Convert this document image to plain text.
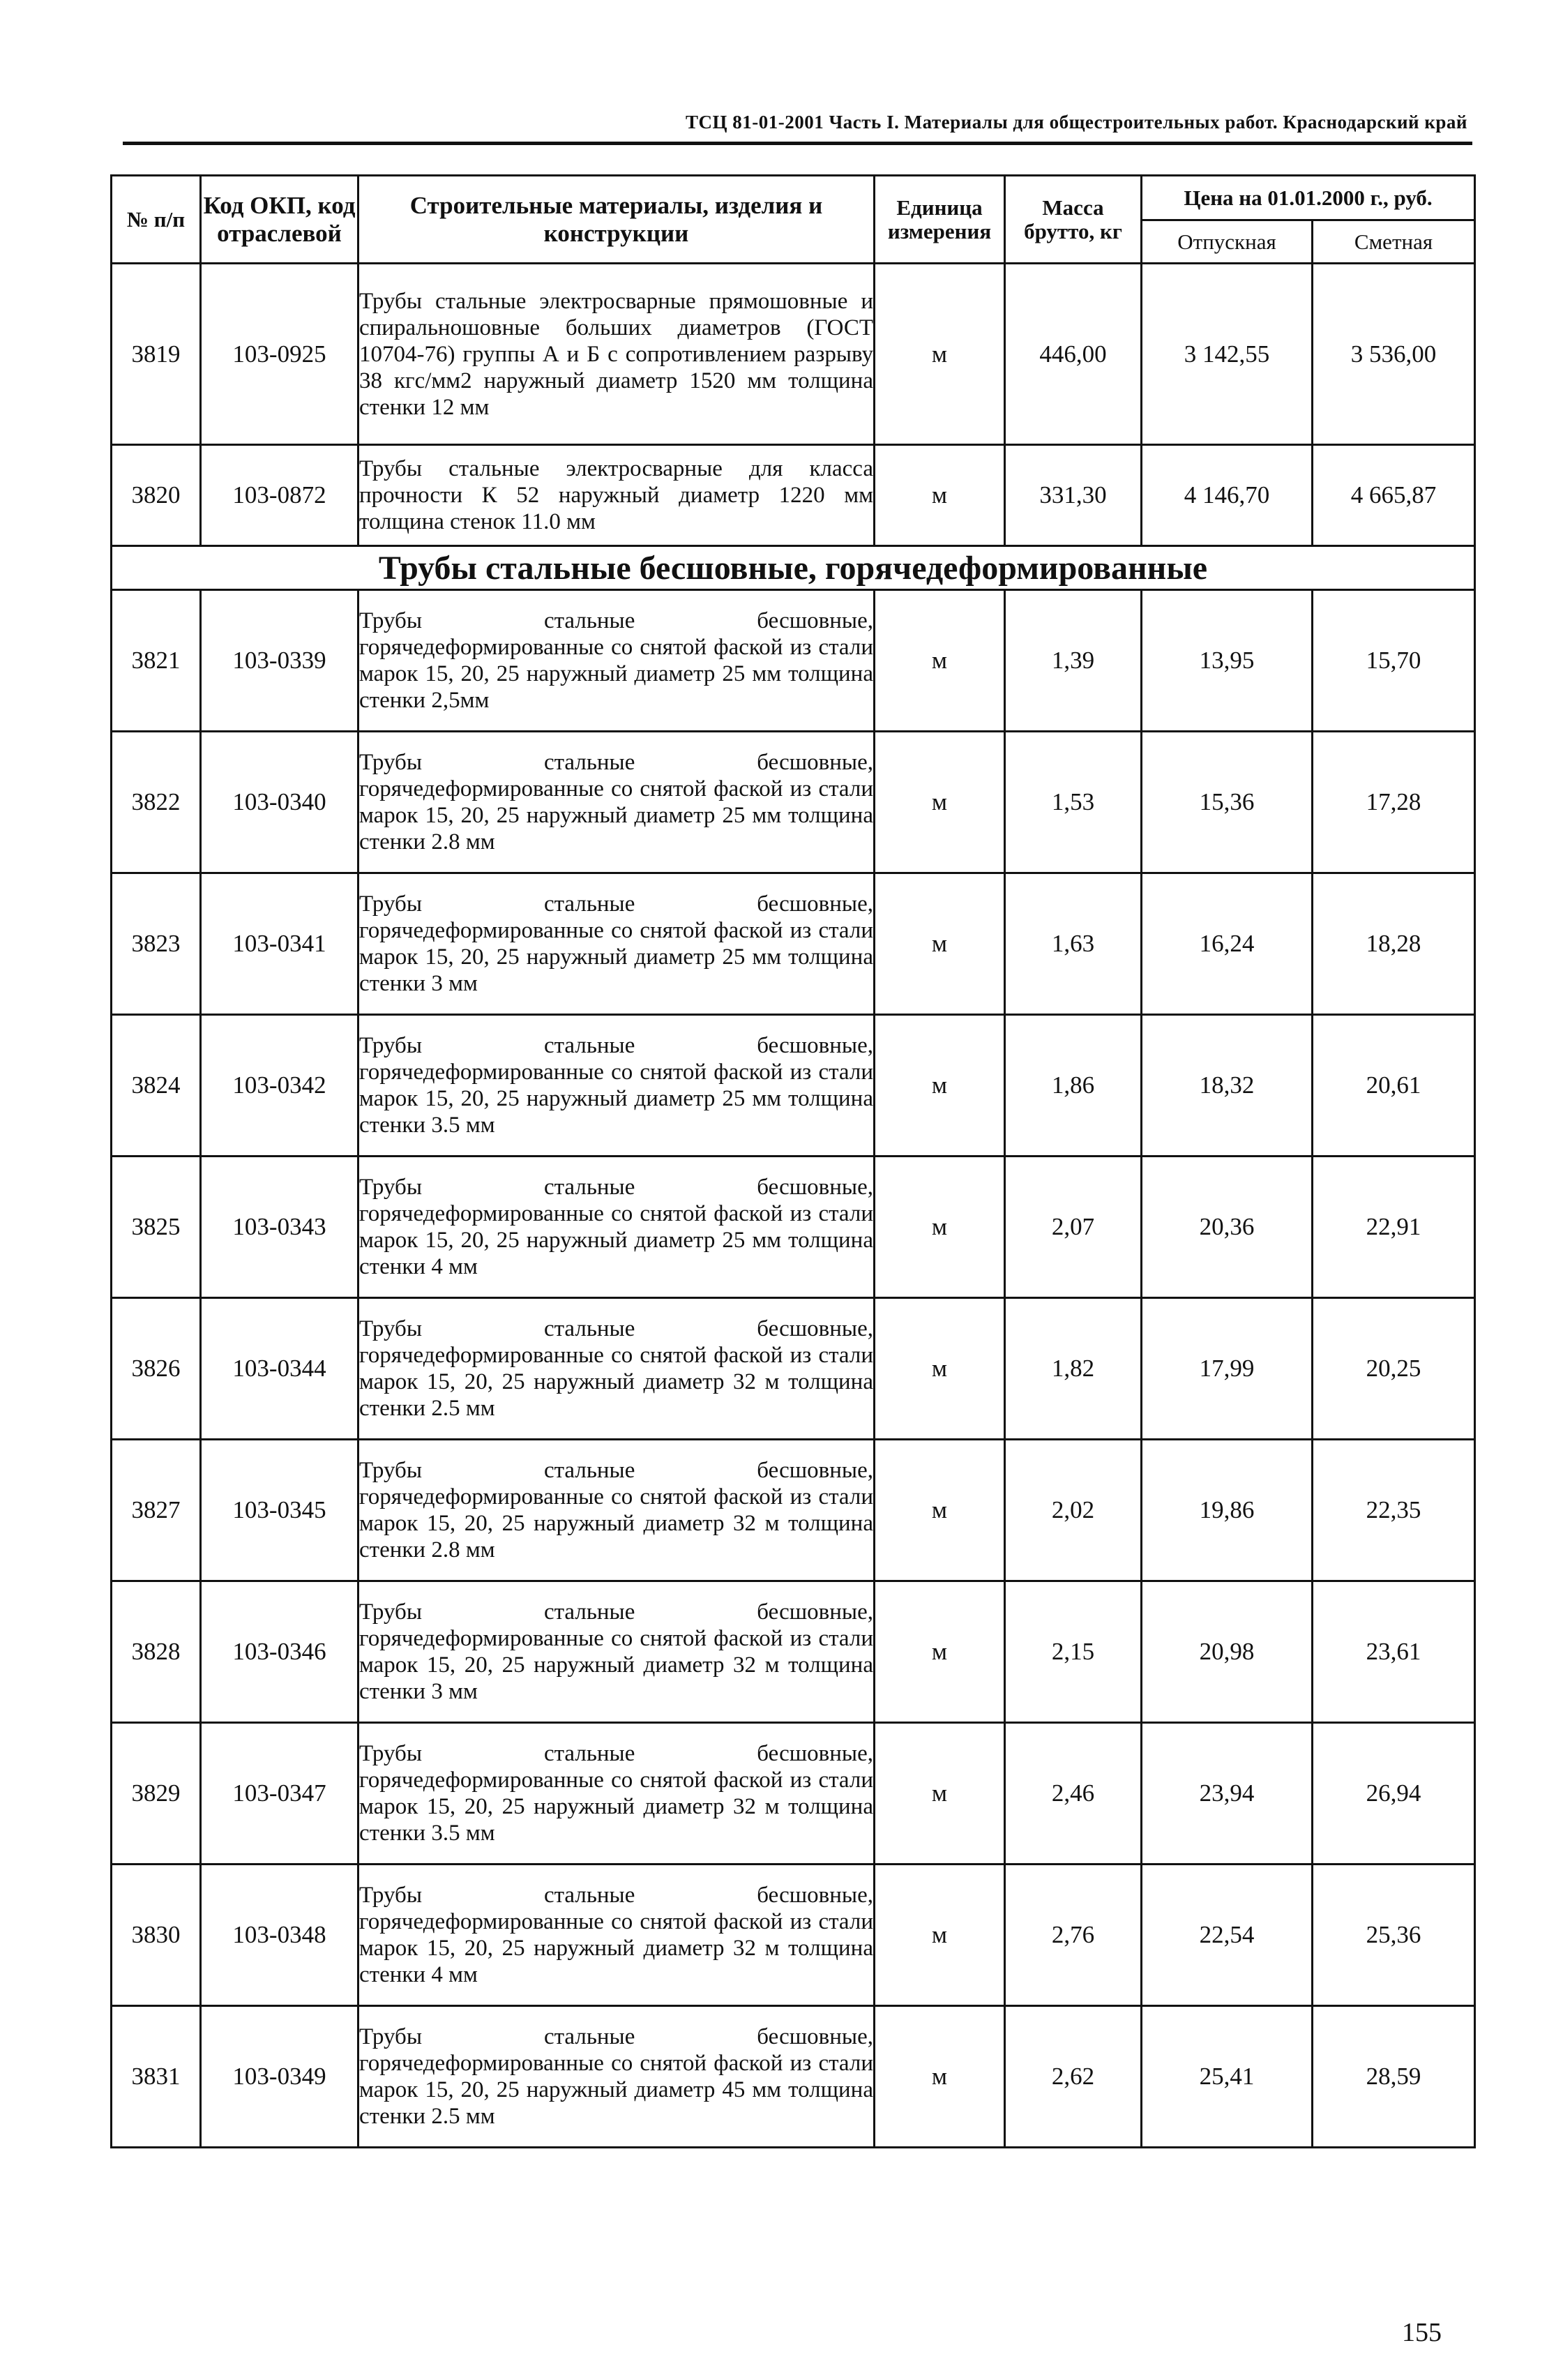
ТСЦ 81-01-2001 Часть I. Материалы для общестроительных работ. Краснодарский край
№ п/п	Код ОКП, код отраслевой	Строительные материалы, изделия и конструкции	Единица измерения	Масса брутто, кг	Цена на 01.01.2000 г., руб.	
					Отпускная	Сметная
3819	103-0925	Трубы стальные электросварные прямошовные и спиральношовные больших диаметров (ГОСТ 10704-76) группы А и Б с сопротивлением разрыву 38 кгс/мм2 наружный диаметр 1520 мм толщина стенки 12 мм	м	446,00	3 142,55	3 536,00
3820	103-0872	Трубы стальные электросварные для класса прочности К 52 наружный диаметр 1220 мм толщина стенок 11.0 мм	м	331,30	4 146,70	4 665,87
Трубы стальные бесшовные, горячедеформированные						
3821	103-0339	Трубы стальные бесшовные, горячедеформированные со снятой фаской из стали марок 15, 20, 25 наружный диаметр 25 мм толщина стенки 2,5мм	м	1,39	13,95	15,70
3822	103-0340	Трубы стальные бесшовные, горячедеформированные со снятой фаской из стали марок 15, 20, 25 наружный диаметр 25 мм толщина стенки 2.8 мм	м	1,53	15,36	17,28
3823	103-0341	Трубы стальные бесшовные, горячедеформированные со снятой фаской из стали марок 15, 20, 25 наружный диаметр 25 мм толщина стенки 3 мм	м	1,63	16,24	18,28
3824	103-0342	Трубы стальные бесшовные, горячедеформированные со снятой фаской из стали марок 15, 20, 25 наружный диаметр 25 мм толщина стенки 3.5 мм	м	1,86	18,32	20,61
3825	103-0343	Трубы стальные бесшовные, горячедеформированные со снятой фаской из стали марок 15, 20, 25 наружный диаметр 25 мм толщина стенки 4 мм	м	2,07	20,36	22,91
3826	103-0344	Трубы стальные бесшовные, горячедеформированные со снятой фаской из стали марок 15, 20, 25 наружный диаметр 32 м толщина стенки 2.5 мм	м	1,82	17,99	20,25
3827	103-0345	Трубы стальные бесшовные, горячедеформированные со снятой фаской из стали марок 15, 20, 25 наружный диаметр 32 м толщина стенки 2.8 мм	м	2,02	19,86	22,35
3828	103-0346	Трубы стальные бесшовные, горячедеформированные со снятой фаской из стали марок 15, 20, 25 наружный диаметр 32 м толщина стенки 3 мм	м	2,15	20,98	23,61
3829	103-0347	Трубы стальные бесшовные, горячедеформированные со снятой фаской из стали марок 15, 20, 25 наружный диаметр 32 м толщина стенки 3.5 мм	м	2,46	23,94	26,94
3830	103-0348	Трубы стальные бесшовные, горячедеформированные со снятой фаской из стали марок 15, 20, 25 наружный диаметр 32 м толщина стенки 4 мм	м	2,76	22,54	25,36
3831	103-0349	Трубы стальные бесшовные, горячедеформированные со снятой фаской из стали марок 15, 20, 25 наружный диаметр 45 мм толщина стенки 2.5 мм	м	2,62	25,41	28,59
155
